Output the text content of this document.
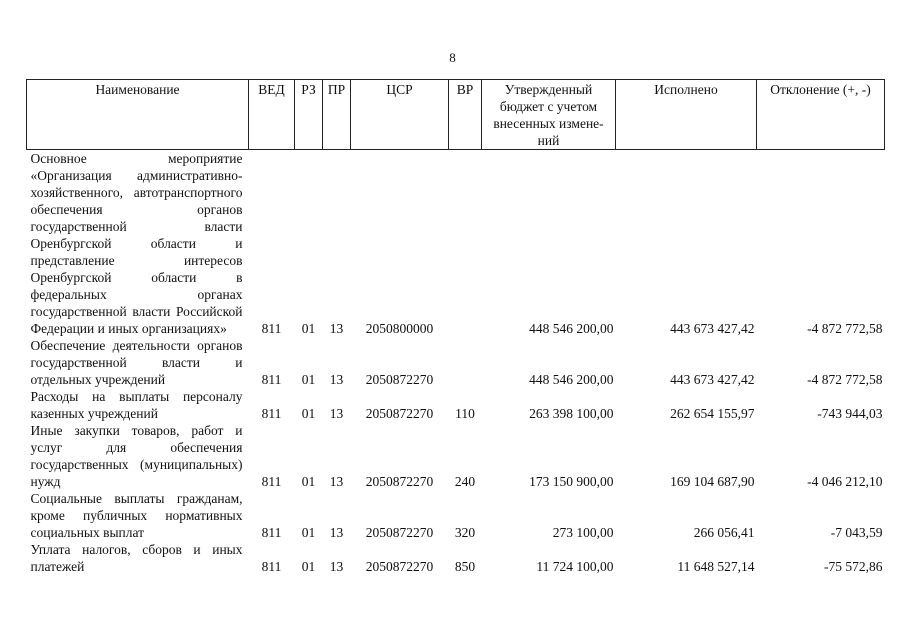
8
Наименование	ВЕД	РЗ	ПР	ЦСР	ВР	Утвержденный бюджет с учетом внесенных измене-ний	Исполнено	Отклонение (+, -)
Основное мероприятие «Организация административно-хозяйственного, автотранспортного обеспечения органов государственной власти Оренбургской области и представление интересов Оренбургской области в федеральных органах государственной власти Российской Федерации и иных организациях»	811	01	13	2050800000		448 546 200,00	443 673 427,42	-4 872 772,58
Обеспечение деятельности органов государственной власти и отдельных учреждений	811	01	13	2050872270		448 546 200,00	443 673 427,42	-4 872 772,58
Расходы на выплаты персоналу казенных учреждений	811	01	13	2050872270	110	263 398 100,00	262 654 155,97	-743 944,03
Иные закупки товаров, работ и услуг для обеспечения государственных (муниципальных) нужд	811	01	13	2050872270	240	173 150 900,00	169 104 687,90	-4 046 212,10
Социальные выплаты гражданам, кроме публичных нормативных социальных выплат	811	01	13	2050872270	320	273 100,00	266 056,41	-7 043,59
Уплата налогов, сборов и иных платежей	811	01	13	2050872270	850	11 724 100,00	11 648 527,14	-75 572,86
